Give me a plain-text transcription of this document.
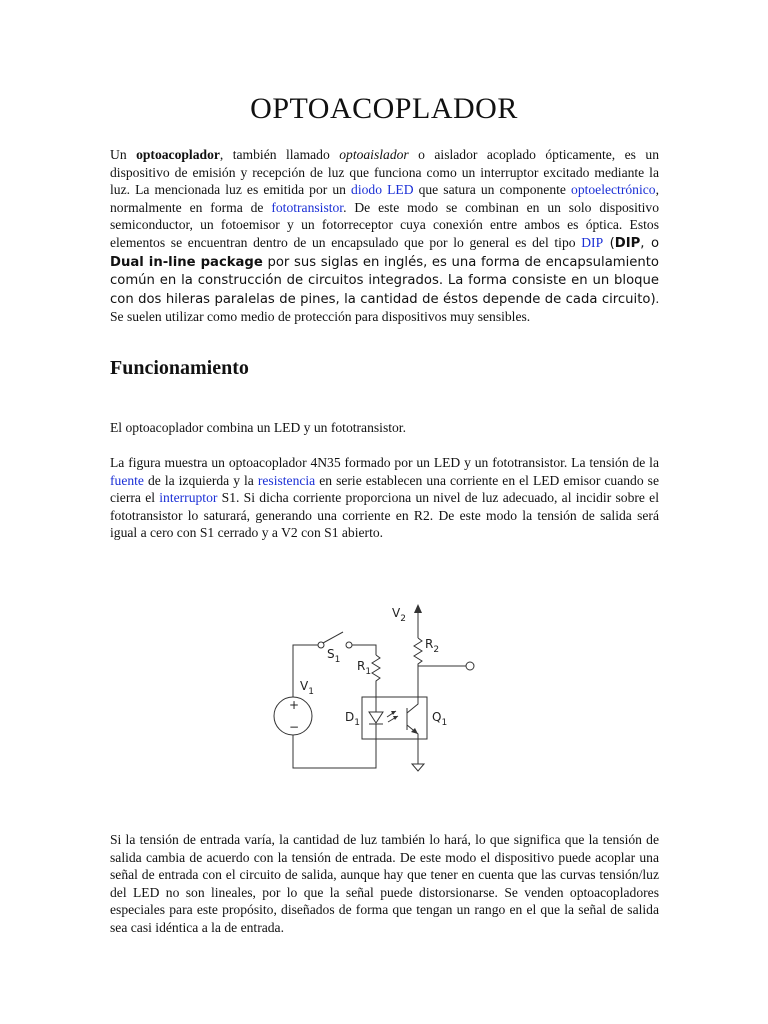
OPTOACOPLADOR
Un optoacoplador, también llamado optoaislador o aislador acoplado ópticamente, es un dispositivo de emisión y recepción de luz que funciona como un interruptor excitado mediante la luz. La mencionada luz es emitida por un diodo LED que satura un componente optoelectrónico, normalmente en forma de fototransistor. De este modo se combinan en un solo dispositivo semiconductor, un fotoemisor y un fotorreceptor cuya conexión entre ambos es óptica. Estos elementos se encuentran dentro de un encapsulado que por lo general es del tipo DIP (DIP, o Dual in-line package por sus siglas en inglés, es una forma de encapsulamiento común en la construcción de circuitos integrados. La forma consiste en un bloque con dos hileras paralelas de pines, la cantidad de éstos depende de cada circuito). Se suelen utilizar como medio de protección para dispositivos muy sensibles.
Funcionamiento
El optoacoplador combina un LED y un fototransistor.
La figura muestra un optoacoplador 4N35 formado por un LED y un fototransistor. La tensión de la fuente de la izquierda y la resistencia en serie establecen una corriente en el LED emisor cuando se cierra el interruptor S1. Si dicha corriente proporciona un nivel de luz adecuado, al incidir sobre el fototransistor lo saturará, generando una corriente en R2. De este modo la tensión de salida será igual a cero con S1 cerrado y a V2 con S1 abierto.
$V_2$
$R_2$
$S_1$ $R_1$
$V_1$
$D_1$	$Q_1$
+
−
Si la tensión de entrada varía, la cantidad de luz también lo hará, lo que significa que la tensión de salida cambia de acuerdo con la tensión de entrada. De este modo el dispositivo puede acoplar una señal de entrada con el circuito de salida, aunque hay que tener en cuenta que las curvas tensión/luz del LED no son lineales, por lo que la señal puede distorsionarse. Se venden optoacopladores especiales para este propósito, diseñados de forma que tengan un rango en el que la señal de salida sea casi idéntica a la de entrada.
